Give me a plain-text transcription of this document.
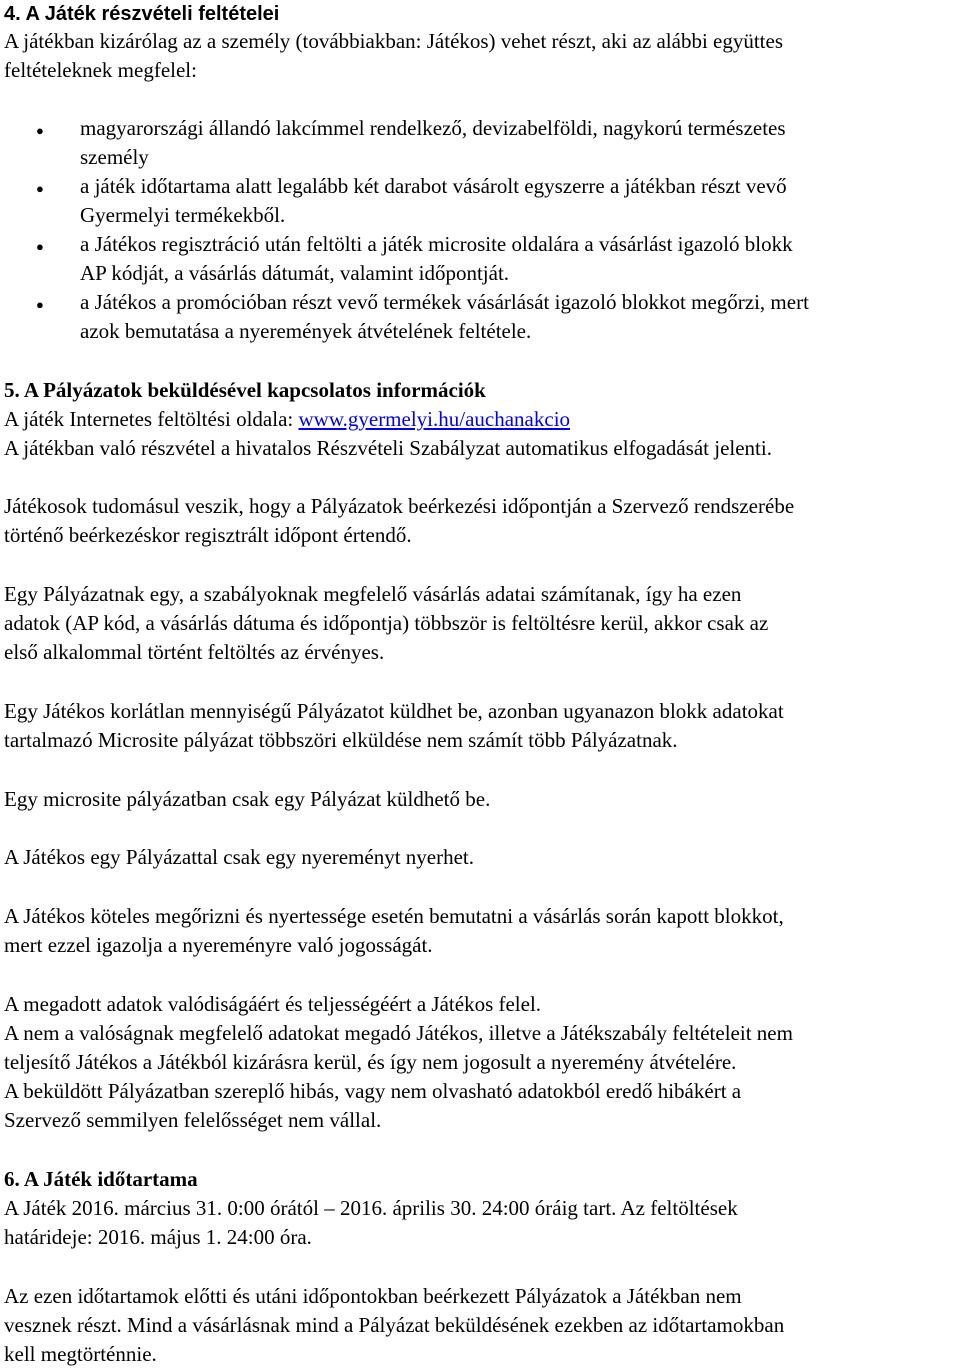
4. A Játék részvételi feltételei
A játékban kizárólag az a személy (továbbiakban: Játékos) vehet részt, aki az alábbi együttes
feltételeknek megfelel:
● magyarországi állandó lakcímmel rendelkező, devizabelföldi, nagykorú természetes
személy
● a játék időtartama alatt legalább két darabot vásárolt egyszerre a játékban részt vevő
Gyermelyi termékekből.
● a Játékos regisztráció után feltölti a játék microsite oldalára a vásárlást igazoló blokk
AP kódját, a vásárlás dátumát, valamint időpontját.
● a Játékos a promócióban részt vevő termékek vásárlását igazoló blokkot megőrzi, mert
azok bemutatása a nyeremények átvételének feltétele.
5. A Pályázatok beküldésével kapcsolatos információk
A játék Internetes feltöltési oldala: www.gyermelyi.hu/auchanakcio
A játékban való részvétel a hivatalos Részvételi Szabályzat automatikus elfogadását jelenti.
Játékosok tudomásul veszik, hogy a Pályázatok beérkezési időpontján a Szervező rendszerébe
történő beérkezéskor regisztrált időpont értendő.
Egy Pályázatnak egy, a szabályoknak megfelelő vásárlás adatai számítanak, így ha ezen
adatok (AP kód, a vásárlás dátuma és időpontja) többször is feltöltésre kerül, akkor csak az
első alkalommal történt feltöltés az érvényes.
Egy Játékos korlátlan mennyiségű Pályázatot küldhet be, azonban ugyanazon blokk adatokat
tartalmazó Microsite pályázat többszöri elküldése nem számít több Pályázatnak.
Egy microsite pályázatban csak egy Pályázat küldhető be.
A Játékos egy Pályázattal csak egy nyereményt nyerhet.
A Játékos köteles megőrizni és nyertessége esetén bemutatni a vásárlás során kapott blokkot,
mert ezzel igazolja a nyereményre való jogosságát.
A megadott adatok valódiságáért és teljességéért a Játékos felel.
A nem a valóságnak megfelelő adatokat megadó Játékos, illetve a Játékszabály feltételeit nem
teljesítő Játékos a Játékból kizárásra kerül, és így nem jogosult a nyeremény átvételére.
A beküldött Pályázatban szereplő hibás, vagy nem olvasható adatokból eredő hibákért a
Szervező semmilyen felelősséget nem vállal.
6. A Játék időtartama
A Játék 2016. március 31. 0:00 órától – 2016. április 30. 24:00 óráig tart. Az feltöltések
határideje: 2016. május 1. 24:00 óra.
Az ezen időtartamok előtti és utáni időpontokban beérkezett Pályázatok a Játékban nem
vesznek részt. Mind a vásárlásnak mind a Pályázat beküldésének ezekben az időtartamokban
kell megtörténnie.
